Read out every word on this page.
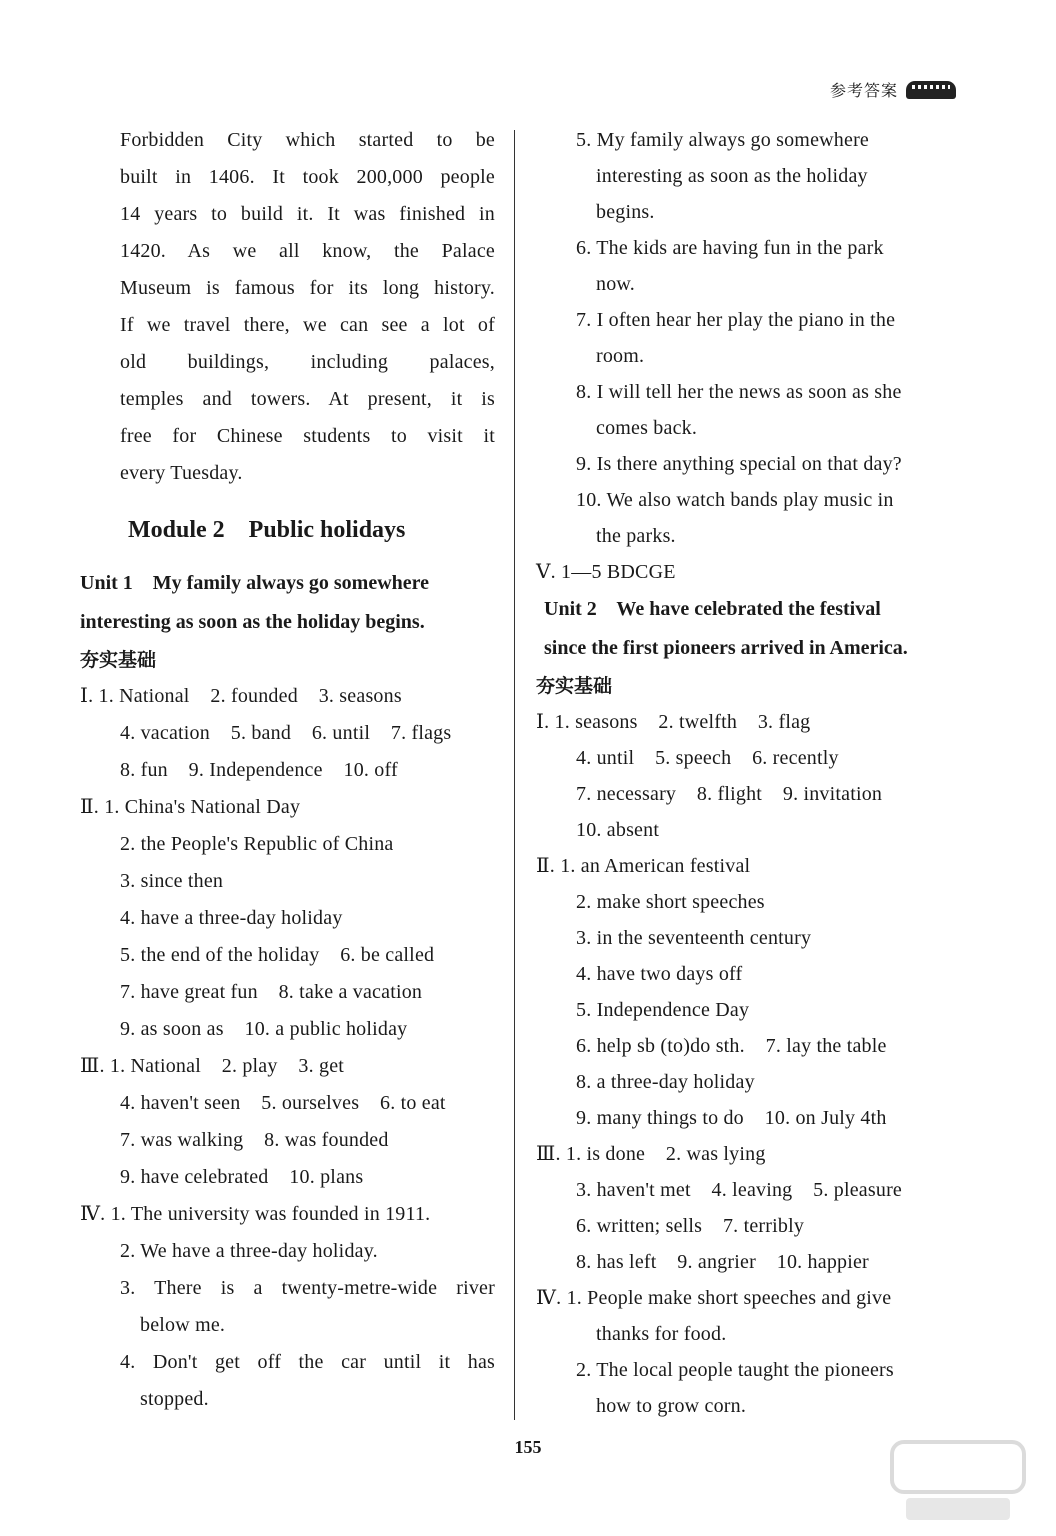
参考答案
Forbidden City which started to be
built in 1406. It took 200,000 people
14 years to build it. It was finished in
1420. As we all know, the Palace
Museum is famous for its long history.
If we travel there, we can see a lot of
old buildings, including palaces,
temples and towers. At present, it is
free for Chinese students to visit it
every Tuesday.
Module 2    Public holidays
Unit 1    My family always go somewhere
interesting as soon as the holiday begins.
夯实基础
Ⅰ. 1. National    2. founded    3. seasons
4. vacation    5. band    6. until    7. flags
8. fun    9. Independence    10. off
Ⅱ. 1. China's National Day
2. the People's Republic of China
3. since then
4. have a three-day holiday
5. the end of the holiday    6. be called
7. have great fun    8. take a vacation
9. as soon as    10. a public holiday
Ⅲ. 1. National    2. play    3. get
4. haven't seen    5. ourselves    6. to eat
7. was walking    8. was founded
9. have celebrated    10. plans
Ⅳ. 1. The university was founded in 1911.
2. We have a three-day holiday.
3. There is a twenty-metre-wide river
below me.
4. Don't get off the car until it has
stopped.
5. My family always go somewhere
interesting as soon as the holiday
begins.
6. The kids are having fun in the park
now.
7. I often hear her play the piano in the
room.
8. I will tell her the news as soon as she
comes back.
9. Is there anything special on that day?
10. We also watch bands play music in
the parks.
Ⅴ. 1—5 BDCGE
Unit 2    We have celebrated the festival
since the first pioneers arrived in America.
夯实基础
Ⅰ. 1. seasons    2. twelfth    3. flag
4. until    5. speech    6. recently
7. necessary    8. flight    9. invitation
10. absent
Ⅱ. 1. an American festival
2. make short speeches
3. in the seventeenth century
4. have two days off
5. Independence Day
6. help sb (to)do sth.    7. lay the table
8. a three-day holiday
9. many things to do    10. on July 4th
Ⅲ. 1. is done    2. was lying
3. haven't met    4. leaving    5. pleasure
6. written; sells    7. terribly
8. has left    9. angrier    10. happier
Ⅳ. 1. People make short speeches and give
thanks for food.
2. The local people taught the pioneers
how to grow corn.
155
